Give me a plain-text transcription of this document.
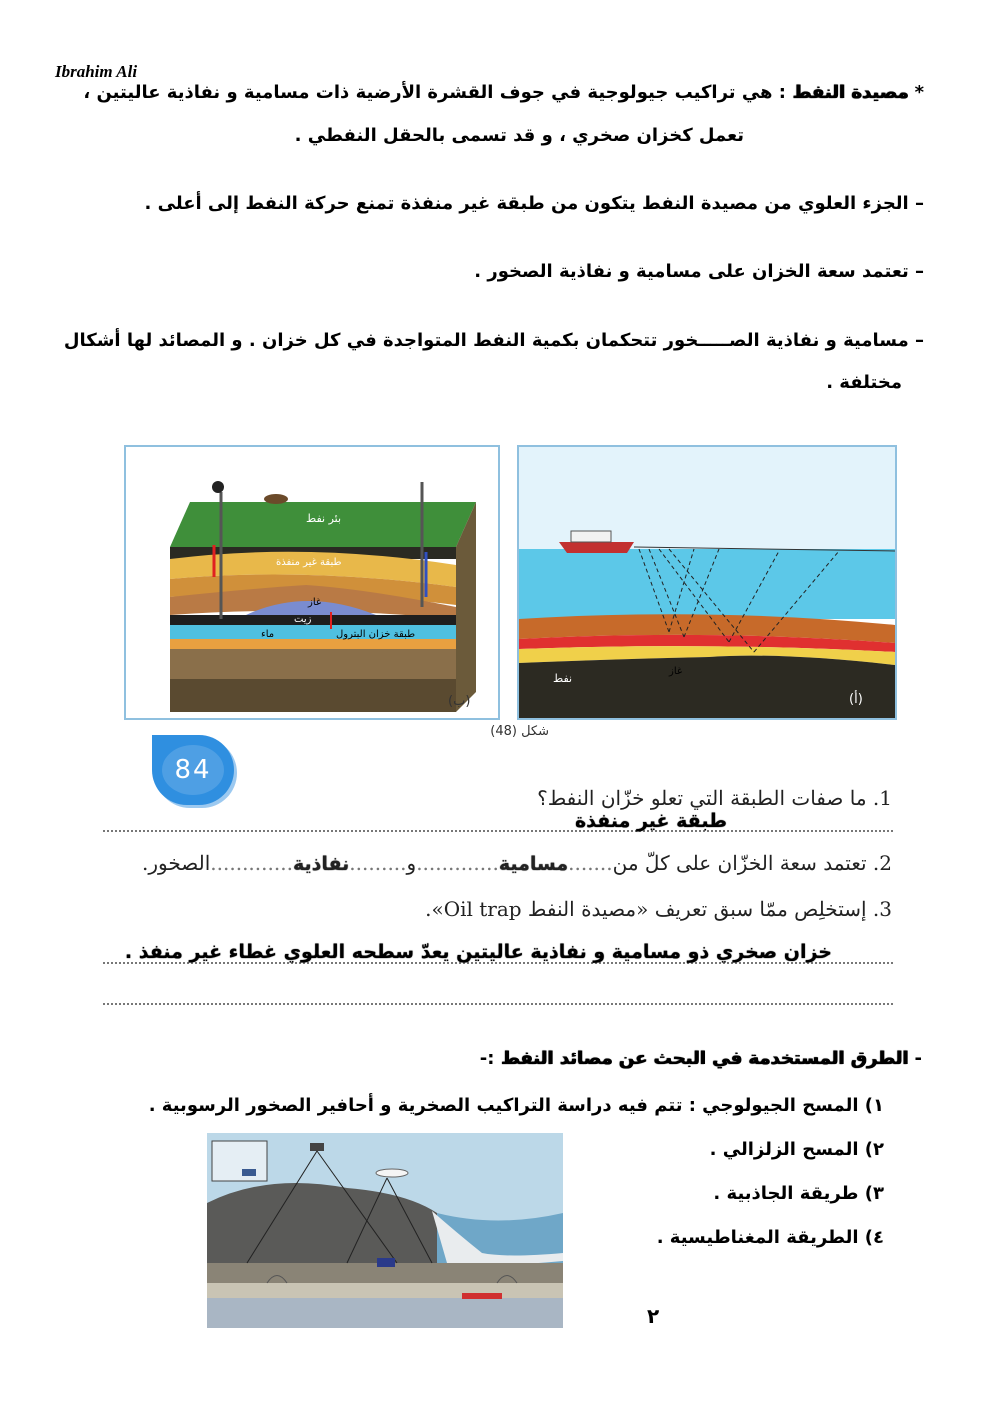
Ibrahim Ali
* مصيدة النفط : هي تراكيب جيولوجية في جوف القشرة الأرضية ذات مسامية و نفاذية عاليتين ،
تعمل كخزان صخري ، و قد تسمى بالحقل النفطي .
– الجزء العلوي من مصيدة النفط يتكون من طبقة غير منفذة تمنع حركة النفط إلى أعلى .
– تعتمد سعة الخزان على مسامية و نفاذية الصخور .
– مسامية و نفاذية الصـــــخور تتحكمان بكمية النفط المتواجدة في كل خزان . و المصائد لها أشكال
مختلفة .
بئر نفط
طبقة غير منفذة
غاز
زيت
طبقة خزان البترول
ماء
(ب)
غاز
نفط
(أ)
شكل (48)
84
1. ما صفات الطبقة التي تعلو خزّان النفط؟
طبقة غير منفذة
2. تعتمد سعة الخزّان على كلّ من.......مسامية.............و.........نفاذية.............الصخور.
3. إستخلِص ممّا سبق تعريف «مصيدة النفط Oil trap».
خزان صخري ذو مسامية و نفاذية عاليتين يعدّ سطحه العلوي غطاء غير منفذ .
- الطرق المستخدمة في البحث عن مصائد النفط :-
١) المسح الجيولوجي : تتم فيه دراسة التراكيب الصخرية و أحافير الصخور الرسوبية .
٢) المسح الزلزالي .
٣) طريقة الجاذبية .
٤) الطريقة المغناطيسية .
٢
